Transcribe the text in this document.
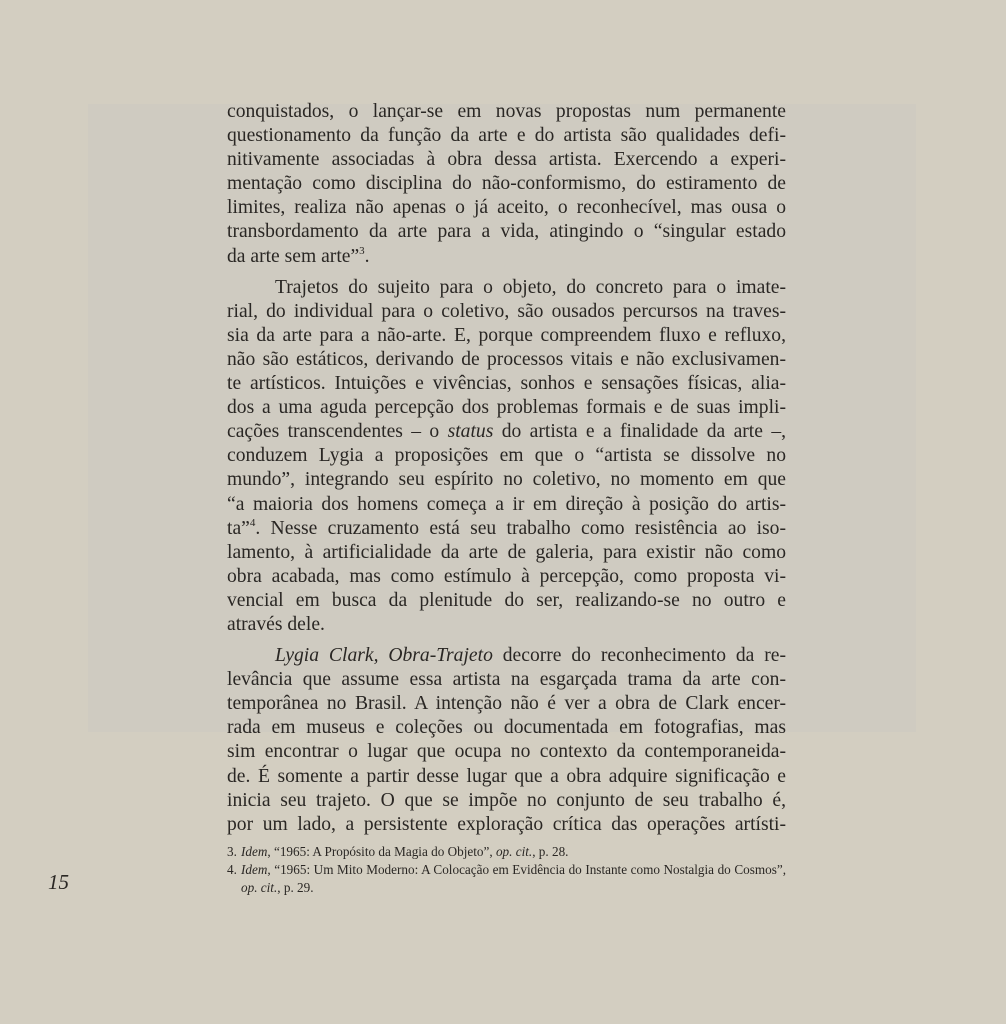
conquistados, o lançar-se em novas propostas num permanente
questionamento da função da arte e do artista são qualidades defi-
nitivamente associadas à obra dessa artista. Exercendo a experi-
mentação como disciplina do não-conformismo, do estiramento de
limites, realiza não apenas o já aceito, o reconhecível, mas ousa o
transbordamento da arte para a vida, atingindo o “singular estado
da arte sem arte”$^3$.

Trajetos do sujeito para o objeto, do concreto para o imate-
rial, do individual para o coletivo, são ousados percursos na traves-
sia da arte para a não-arte. E, porque compreendem fluxo e refluxo,
não são estáticos, derivando de processos vitais e não exclusivamen-
te artísticos. Intuições e vivências, sonhos e sensações físicas, alia-
dos a uma aguda percepção dos problemas formais e de suas impli-
cações transcendentes – o status do artista e a finalidade da arte –,
conduzem Lygia a proposições em que o “artista se dissolve no
mundo”, integrando seu espírito no coletivo, no momento em que
“a maioria dos homens começa a ir em direção à posição do artis-
ta”$^4$. Nesse cruzamento está seu trabalho como resistência ao iso-
lamento, à artificialidade da arte de galeria, para existir não como
obra acabada, mas como estímulo à percepção, como proposta vi-
vencial em busca da plenitude do ser, realizando-se no outro e
através dele.

Lygia Clark, Obra-Trajeto decorre do reconhecimento da re-
levância que assume essa artista na esgarçada trama da arte con-
temporânea no Brasil. A intenção não é ver a obra de Clark encer-
rada em museus e coleções ou documentada em fotografias, mas
sim encontrar o lugar que ocupa no contexto da contemporaneida-
de. É somente a partir desse lugar que a obra adquire significação e
inicia seu trajeto. O que se impõe no conjunto de seu trabalho é,
por um lado, a persistente exploração crítica das operações artísti-

3. Idem, “1965: A Propósito da Magia do Objeto”, op. cit., p. 28.

4. Idem, “1965: Um Mito Moderno: A Colocação em Evidência do Instante como Nostalgia do Cosmos”, op. cit., p. 29.

15
